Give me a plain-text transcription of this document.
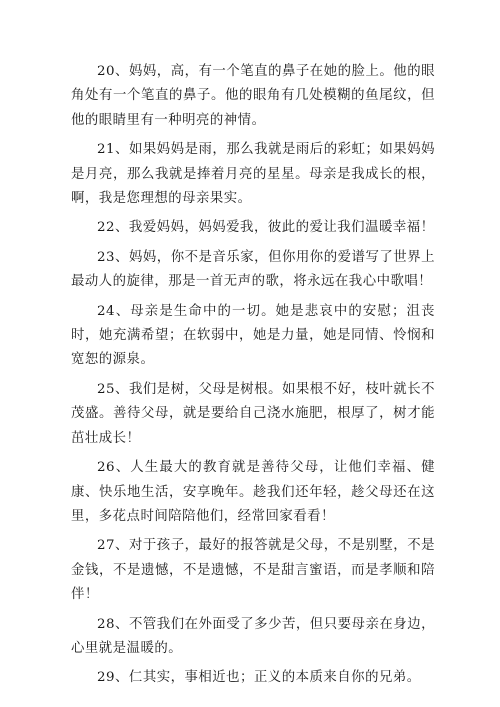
20、妈妈，高，有一个笔直的鼻子在她的脸上。他的眼角处有一个笔直的鼻子。他的眼角有几处模糊的鱼尾纹，但他的眼睛里有一种明亮的神情。

21、如果妈妈是雨，那么我就是雨后的彩虹；如果妈妈是月亮，那么我就是捧着月亮的星星。母亲是我成长的根，啊，我是您理想的母亲果实。

22、我爱妈妈，妈妈爱我，彼此的爱让我们温暖幸福！

23、妈妈，你不是音乐家，但你用你的爱谱写了世界上最动人的旋律，那是一首无声的歌，将永远在我心中歌唱！

24、母亲是生命中的一切。她是悲哀中的安慰；沮丧时，她充满希望；在软弱中，她是力量，她是同情、怜悯和宽恕的源泉。

25、我们是树，父母是树根。如果根不好，枝叶就长不茂盛。善待父母，就是要给自己浇水施肥，根厚了，树才能茁壮成长！

26、人生最大的教育就是善待父母，让他们幸福、健康、快乐地生活，安享晚年。趁我们还年轻，趁父母还在这里，多花点时间陪陪他们，经常回家看看！

27、对于孩子，最好的报答就是父母，不是别墅，不是金钱，不是遗憾，不是遗憾，不是甜言蜜语，而是孝顺和陪伴！

28、不管我们在外面受了多少苦，但只要母亲在身边，心里就是温暖的。

29、仁其实，事相近也；正义的本质来自你的兄弟。
